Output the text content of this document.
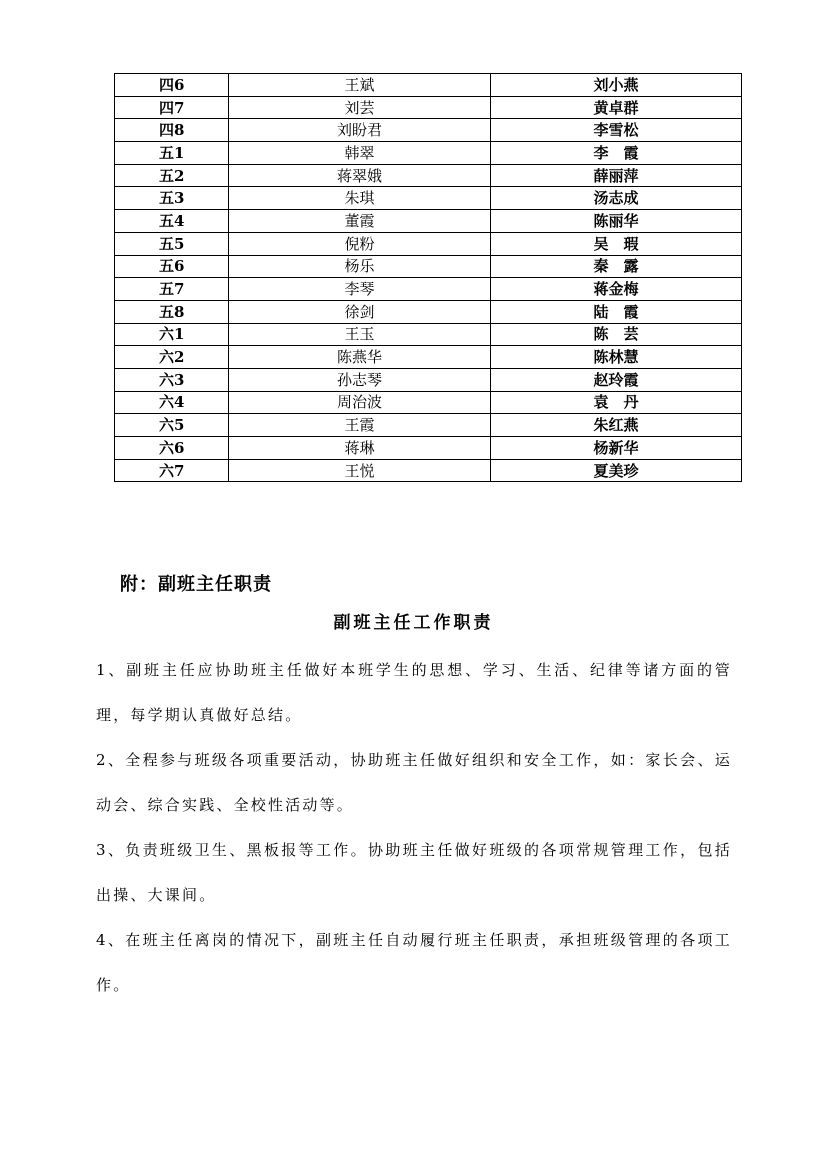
四6	王斌	刘小燕
四7	刘芸	黄卓群
四8	刘盼君	李雪松
五1	韩翠	李　霞
五2	蒋翠娥	薛丽萍
五3	朱琪	汤志成
五4	董霞	陈丽华
五5	倪粉	吴　瑕
五6	杨乐	秦　露
五7	李琴	蒋金梅
五8	徐剑	陆　霞
六1	王玉	陈　芸
六2	陈燕华	陈林慧
六3	孙志琴	赵玲霞
六4	周治波	袁　丹
六5	王霞	朱红燕
六6	蒋琳	杨新华
六7	王悦	夏美珍
附：副班主任职责
副班主任工作职责

1、副班主任应协助班主任做好本班学生的思想、学习、生活、纪律等诸方面的管理，每学期认真做好总结。

2、全程参与班级各项重要活动，协助班主任做好组织和安全工作，如：家长会、运动会、综合实践、全校性活动等。

3、负责班级卫生、黑板报等工作。协助班主任做好班级的各项常规管理工作，包括出操、大课间。

4、在班主任离岗的情况下，副班主任自动履行班主任职责，承担班级管理的各项工作。
